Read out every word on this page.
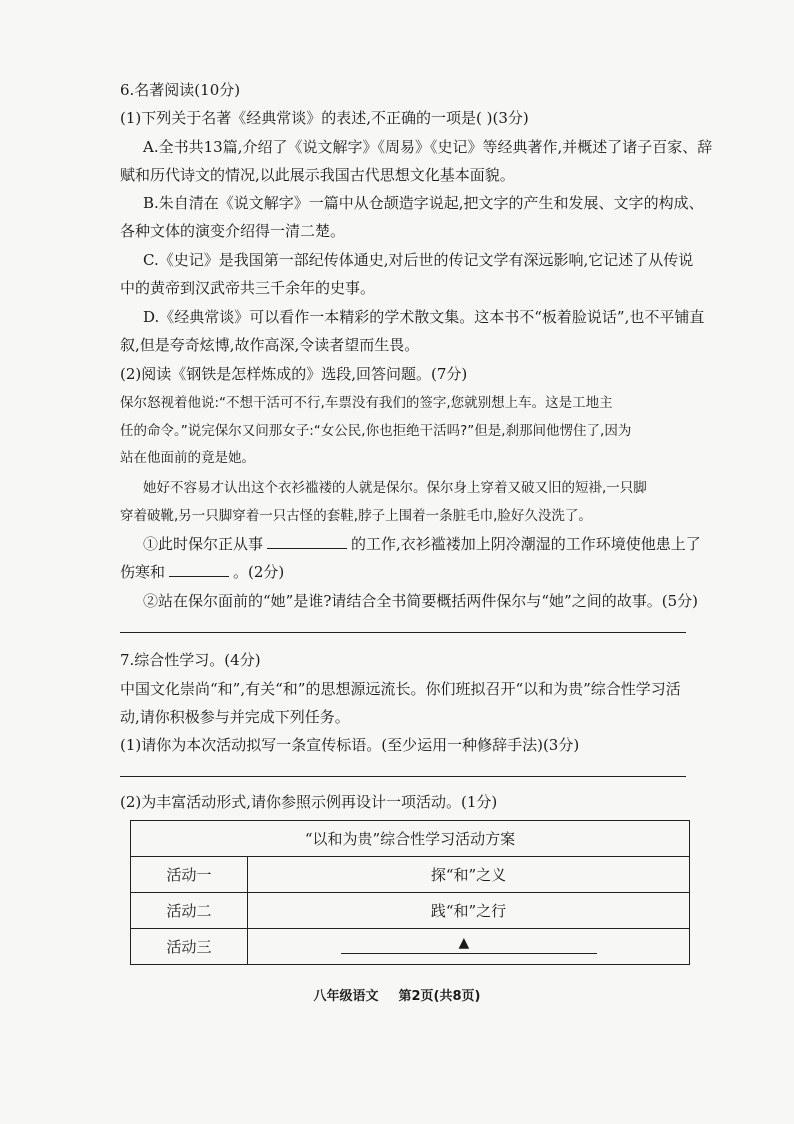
6.名著阅读(10分)
(1)下列关于名著《经典常谈》的表述,不正确的一项是( )(3分)
A.全书共13篇,介绍了《说文解字》《周易》《史记》等经典著作,并概述了诸子百家、辞
赋和历代诗文的情况,以此展示我国古代思想文化基本面貌。
B.朱自清在《说文解字》一篇中从仓颉造字说起,把文字的产生和发展、文字的构成、
各种文体的演变介绍得一清二楚。
C.《史记》是我国第一部纪传体通史,对后世的传记文学有深远影响,它记述了从传说
中的黄帝到汉武帝共三千余年的史事。
D.《经典常谈》可以看作一本精彩的学术散文集。这本书不“板着脸说话”,也不平铺直
叙,但是夸奇炫博,故作高深,令读者望而生畏。
(2)阅读《钢铁是怎样炼成的》选段,回答问题。(7分)
保尔怒视着他说:“不想干活可不行,车票没有我们的签字,您就别想上车。这是工地主
任的命令。”说完保尔又问那女子:“女公民,你也拒绝干活吗?”但是,刹那间他愣住了,因为
站在他面前的竟是她。
她好不容易才认出这个衣衫褴褛的人就是保尔。保尔身上穿着又破又旧的短褂,一只脚
穿着破靴,另一只脚穿着一只古怪的套鞋,脖子上围着一条脏毛巾,脸好久没洗了。
①此时保尔正从事	的工作,衣衫褴褛加上阴冷潮湿的工作环境使他患上了
伤寒和	。(2分)
②站在保尔面前的“她”是谁?请结合全书简要概括两件保尔与“她”之间的故事。(5分)
7.综合性学习。(4分)
中国文化崇尚“和”,有关“和”的思想源远流长。你们班拟召开“以和为贵”综合性学习活
动,请你积极参与并完成下列任务。
(1)请你为本次活动拟写一条宣传标语。(至少运用一种修辞手法)(3分)
(2)为丰富活动形式,请你参照示例再设计一项活动。(1分)
“以和为贵”综合性学习活动方案	
活动一	探“和”之义
活动二	践“和”之行
活动三	▲
八年级语文 第2页(共8页)
